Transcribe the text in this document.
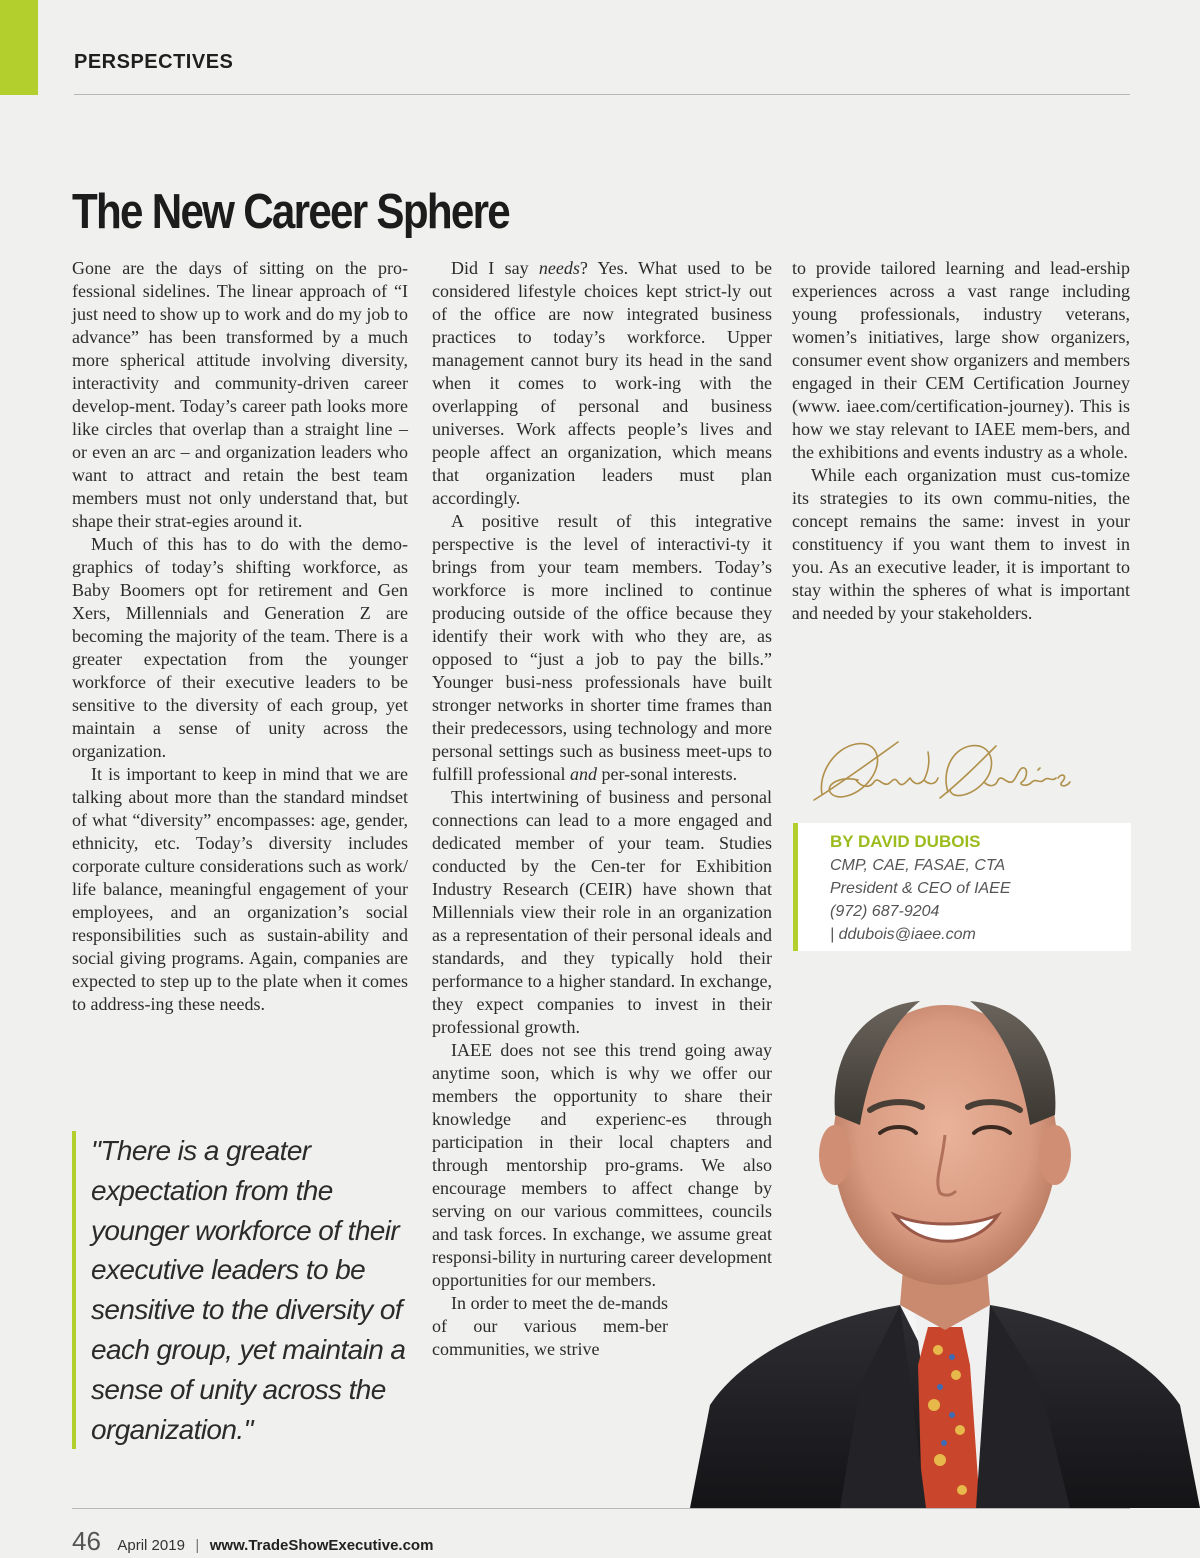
PERSPECTIVES
The New Career Sphere

Gone are the days of sitting on the pro-fessional sidelines. The linear approach of “I just need to show up to work and do my job to advance” has been transformed by a much more spherical attitude involving diversity, interactivity and community-driven career develop-ment. Today’s career path looks more like circles that overlap than a straight line – or even an arc – and organization leaders who want to attract and retain the best team members must not only understand that, but shape their strat-egies around it.

Much of this has to do with the demo-graphics of today’s shifting workforce, as Baby Boomers opt for retirement and Gen Xers, Millennials and Generation Z are becoming the majority of the team. There is a greater expectation from the younger workforce of their executive leaders to be sensitive to the diversity of each group, yet maintain a sense of unity across the organization.

It is important to keep in mind that we are talking about more than the standard mindset of what “diversity” encompasses: age, gender, ethnicity, etc. Today’s diversity includes corporate culture considerations such as work/ life balance, meaningful engagement of your employees, and an organization’s social responsibilities such as sustain-ability and social giving programs. Again, companies are expected to step up to the plate when it comes to address-ing these needs.

Did I say needs? Yes. What used to be considered lifestyle choices kept strict-ly out of the office are now integrated business practices to today’s workforce. Upper management cannot bury its head in the sand when it comes to work-ing with the overlapping of personal and business universes. Work affects people’s lives and people affect an organization, which means that organization leaders must plan accordingly.

A positive result of this integrative perspective is the level of interactivi-ty it brings from your team members. Today’s workforce is more inclined to continue producing outside of the office because they identify their work with who they are, as opposed to “just a job to pay the bills.” Younger busi-ness professionals have built stronger networks in shorter time frames than their predecessors, using technology and more personal settings such as business meet-ups to fulfill professional and per-sonal interests.

This intertwining of business and personal connections can lead to a more engaged and dedicated member of your team. Studies conducted by the Cen-ter for Exhibition Industry Research (CEIR) have shown that Millennials view their role in an organization as a representation of their personal ideals and standards, and they typically hold their performance to a higher standard. In exchange, they expect companies to invest in their professional growth.

IAEE does not see this trend going away anytime soon, which is why we offer our members the opportunity to share their knowledge and experienc-es through participation in their local chapters and through mentorship pro-grams. We also encourage members to affect change by serving on our various committees, councils and task forces. In exchange, we assume great responsi-bility in nurturing career development opportunities for our members.

In order to meet the de-mands of our various mem-ber communities, we strive

to provide tailored learning and lead-ership experiences across a vast range including young professionals, industry veterans, women’s initiatives, large show organizers, consumer event show organizers and members engaged in their CEM Certification Journey (www. iaee.com/certification-journey). This is how we stay relevant to IAEE mem-bers, and the exhibitions and events industry as a whole.

While each organization must cus-tomize its strategies to its own commu-nities, the concept remains the same: invest in your constituency if you want them to invest in you. As an executive leader, it is important to stay within the spheres of what is important and needed by your stakeholders.

"There is a greater expectation from the younger workforce of their executive leaders to be sensitive to the diversity of each group, yet maintain a sense of unity across the organization."
BY DAVID DUBOIS
CMP, CAE, FASAE, CTA
President & CEO of IAEE
(972) 687-9204
| ddubois@iaee.com
46 April 2019 | www.TradeShowExecutive.com
